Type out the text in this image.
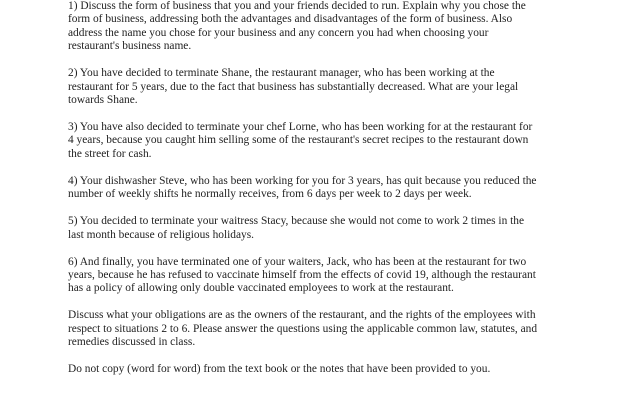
1) Discuss the form of business that you and your friends decided to run. Explain why you chose the
form of business, addressing both the advantages and disadvantages of the form of business. Also
address the name you chose for your business and any concern you had when choosing your
restaurant's business name.

2) You have decided to terminate Shane, the restaurant manager, who has been working at the
restaurant for 5 years, due to the fact that business has substantially decreased. What are your legal
towards Shane.

3) You have also decided to terminate your chef Lorne, who has been working for at the restaurant for
4 years, because you caught him selling some of the restaurant's secret recipes to the restaurant down
the street for cash.

4) Your dishwasher Steve, who has been working for you for 3 years, has quit because you reduced the
number of weekly shifts he normally receives, from 6 days per week to 2 days per week.

5) You decided to terminate your waitress Stacy, because she would not come to work 2 times in the
last month because of religious holidays.

6) And finally, you have terminated one of your waiters, Jack, who has been at the restaurant for two
years, because he has refused to vaccinate himself from the effects of covid 19, although the restaurant
has a policy of allowing only double vaccinated employees to work at the restaurant.

Discuss what your obligations are as the owners of the restaurant, and the rights of the employees with
respect to situations 2 to 6. Please answer the questions using the applicable common law, statutes, and
remedies discussed in class.

Do not copy (word for word) from the text book or the notes that have been provided to you.
